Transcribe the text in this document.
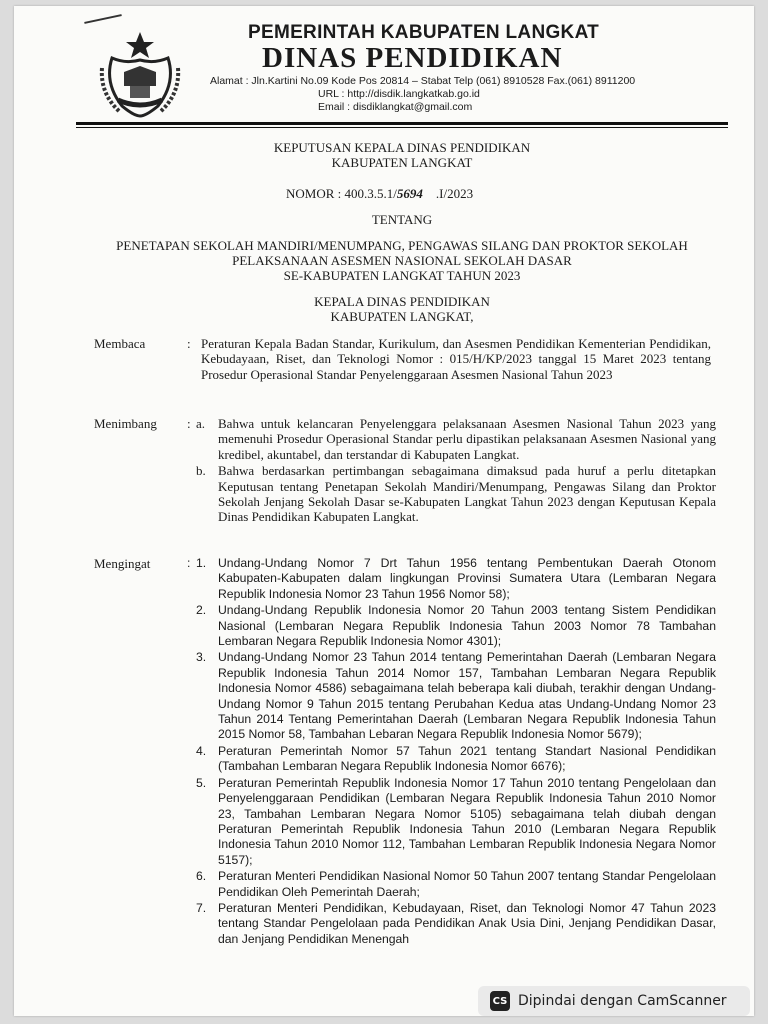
PEMERINTAH KABUPATEN LANGKAT
DINAS PENDIDIKAN
Alamat : Jln.Kartini No.09 Kode Pos 20814 – Stabat Telp (061) 8910528 Fax.(061) 8911200
URL : http://disdik.langkatkab.go.id
Email : disdiklangkat@gmail.com
KEPUTUSAN KEPALA DINAS PENDIDIKAN
KABUPATEN LANGKAT
NOMOR : 400.3.5.1/5694    .I/2023
TENTANG
PENETAPAN SEKOLAH MANDIRI/MENUMPANG, PENGAWAS SILANG DAN PROKTOR SEKOLAH
PELAKSANAAN ASESMEN NASIONAL SEKOLAH DASAR
SE-KABUPATEN LANGKAT TAHUN 2023
KEPALA DINAS PENDIDIKAN
KABUPATEN LANGKAT,
Membaca	: Peraturan Kepala Badan Standar, Kurikulum, dan Asesmen Pendidikan Kementerian Pendidikan, Kebudayaan, Riset, dan Teknologi Nomor : 015/H/KP/2023 tanggal 15 Maret 2023 tentang Prosedur Operasional Standar Penyelenggaraan Asesmen Nasional Tahun 2023
Menimbang	: a. Bahwa untuk kelancaran Penyelenggara pelaksanaan Asesmen Nasional Tahun 2023 yang memenuhi Prosedur Operasional Standar perlu dipastikan pelaksanaan Asesmen Nasional yang kredibel, akuntabel, dan terstandar di Kabupaten Langkat.
b. Bahwa berdasarkan pertimbangan sebagaimana dimaksud pada huruf a perlu ditetapkan Keputusan tentang Penetapan Sekolah Mandiri/Menumpang, Pengawas Silang dan Proktor Sekolah Jenjang Sekolah Dasar se-Kabupaten Langkat Tahun 2023 dengan Keputusan Kepala Dinas Pendidikan Kabupaten Langkat.
Mengingat	: 1. Undang-Undang Nomor 7 Drt Tahun 1956 tentang Pembentukan Daerah Otonom Kabupaten-Kabupaten dalam lingkungan Provinsi Sumatera Utara (Lembaran Negara Republik Indonesia Nomor 23 Tahun 1956 Nomor 58);
2. Undang-Undang Republik Indonesia Nomor 20 Tahun 2003 tentang Sistem Pendidikan Nasional (Lembaran Negara Republik Indonesia Tahun 2003 Nomor 78 Tambahan Lembaran Negara Republik Indonesia Nomor 4301);
3. Undang-Undang Nomor 23 Tahun 2014 tentang Pemerintahan Daerah (Lembaran Negara Republik Indonesia Tahun 2014 Nomor 157, Tambahan Lembaran Negara Republik Indonesia Nomor 4586) sebagaimana telah beberapa kali diubah, terakhir dengan Undang-Undang Nomor 9 Tahun 2015 tentang Perubahan Kedua atas Undang-Undang Nomor 23 Tahun 2014 Tentang Pemerintahan Daerah (Lembaran Negara Republik Indonesia Tahun 2015 Nomor 58, Tambahan Lebaran Negara Republik Indonesia Nomor 5679);
4. Peraturan Pemerintah Nomor 57 Tahun 2021 tentang Standart Nasional Pendidikan (Tambahan Lembaran Negara Republik Indonesia Nomor 6676);
5. Peraturan Pemerintah Republik Indonesia Nomor 17 Tahun 2010 tentang Pengelolaan dan Penyelenggaraan Pendidikan (Lembaran Negara Republik Indonesia Tahun 2010 Nomor 23, Tambahan Lembaran Negara Nomor 5105) sebagaimana telah diubah dengan Peraturan Pemerintah Republik Indonesia Tahun 2010 (Lembaran Negara Republik Indonesia Tahun 2010 Nomor 112, Tambahan Lembaran Republik Indonesia Negara Nomor 5157);
6. Peraturan Menteri Pendidikan Nasional Nomor 50 Tahun 2007 tentang Standar Pengelolaan Pendidikan Oleh Pemerintah Daerah;
7. Peraturan Menteri Pendidikan, Kebudayaan, Riset, dan Teknologi Nomor 47 Tahun 2023 tentang Standar Pengelolaan pada Pendidikan Anak Usia Dini, Jenjang Pendidikan Dasar, dan Jenjang Pendidikan Menengah
CS Dipindai dengan CamScanner
